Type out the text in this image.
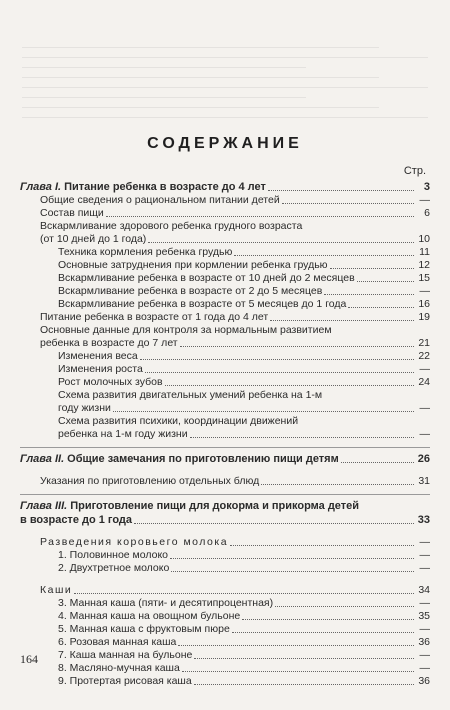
СОДЕРЖАНИЕ
Стр.
Глава I. Питание ребенка в возрасте до 4 лет	3
Общие сведения о рациональном питании детей	—
Состав пищи	6
Вскармливание здорового ребенка грудного возраста
(от 10 дней до 1 года)	10
Техника кормления ребенка грудью	11
Основные затруднения при кормлении ребенка грудью	12
Вскармливание ребенка в возрасте от 10 дней до 2 месяцев	15
Вскармливание ребенка в возрасте от 2 до 5 месяцев	—
Вскармливание ребенка в возрасте от 5 месяцев до 1 года	16
Питание ребенка в возрасте от 1 года до 4 лет	19
Основные данные для контроля за нормальным развитием
ребенка в возрасте до 7 лет	21
Изменения веса	22
Изменения роста	—
Рост молочных зубов	24
Схема развития двигательных умений ребенка на 1-м
году жизни	—
Схема развития психики, координации движений
ребенка на 1-м году жизни	—
Глава II. Общие замечания по приготовлению пищи детям	26
Указания по приготовлению отдельных блюд	31
Глава III. Приготовление пищи для докорма и прикорма детей
в возрасте до 1 года	33
Разведения коровьего молока	—
1. Половинное молоко	—
2. Двухтретное молоко	—
Каши	34
3. Манная каша (пяти- и десятипроцентная)	—
4. Манная каша на овощном бульоне	35
5. Манная каша с фруктовым пюре	—
6. Розовая манная каша	36
7. Каша манная на бульоне	—
8. Масляно-мучная каша	—
9. Протертая рисовая каша	36
164
